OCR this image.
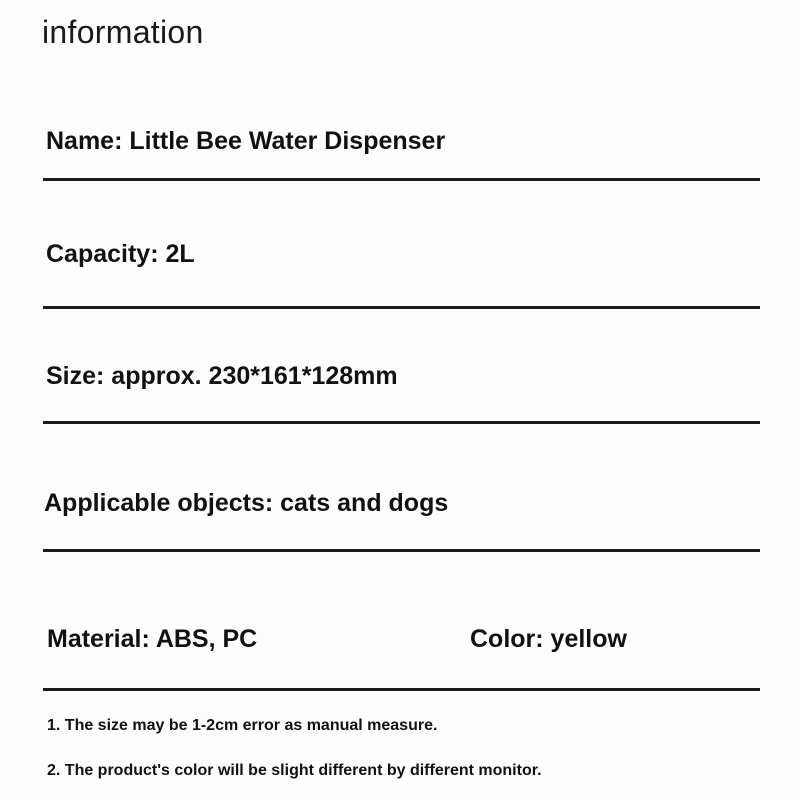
information
Name: Little Bee Water Dispenser
Capacity: 2L
Size: approx. 230*161*128mm
Applicable objects: cats and dogs
Material: ABS, PC	Color: yellow
1. The size may be 1-2cm error as manual measure.
2. The product's color will be slight different by different monitor.
